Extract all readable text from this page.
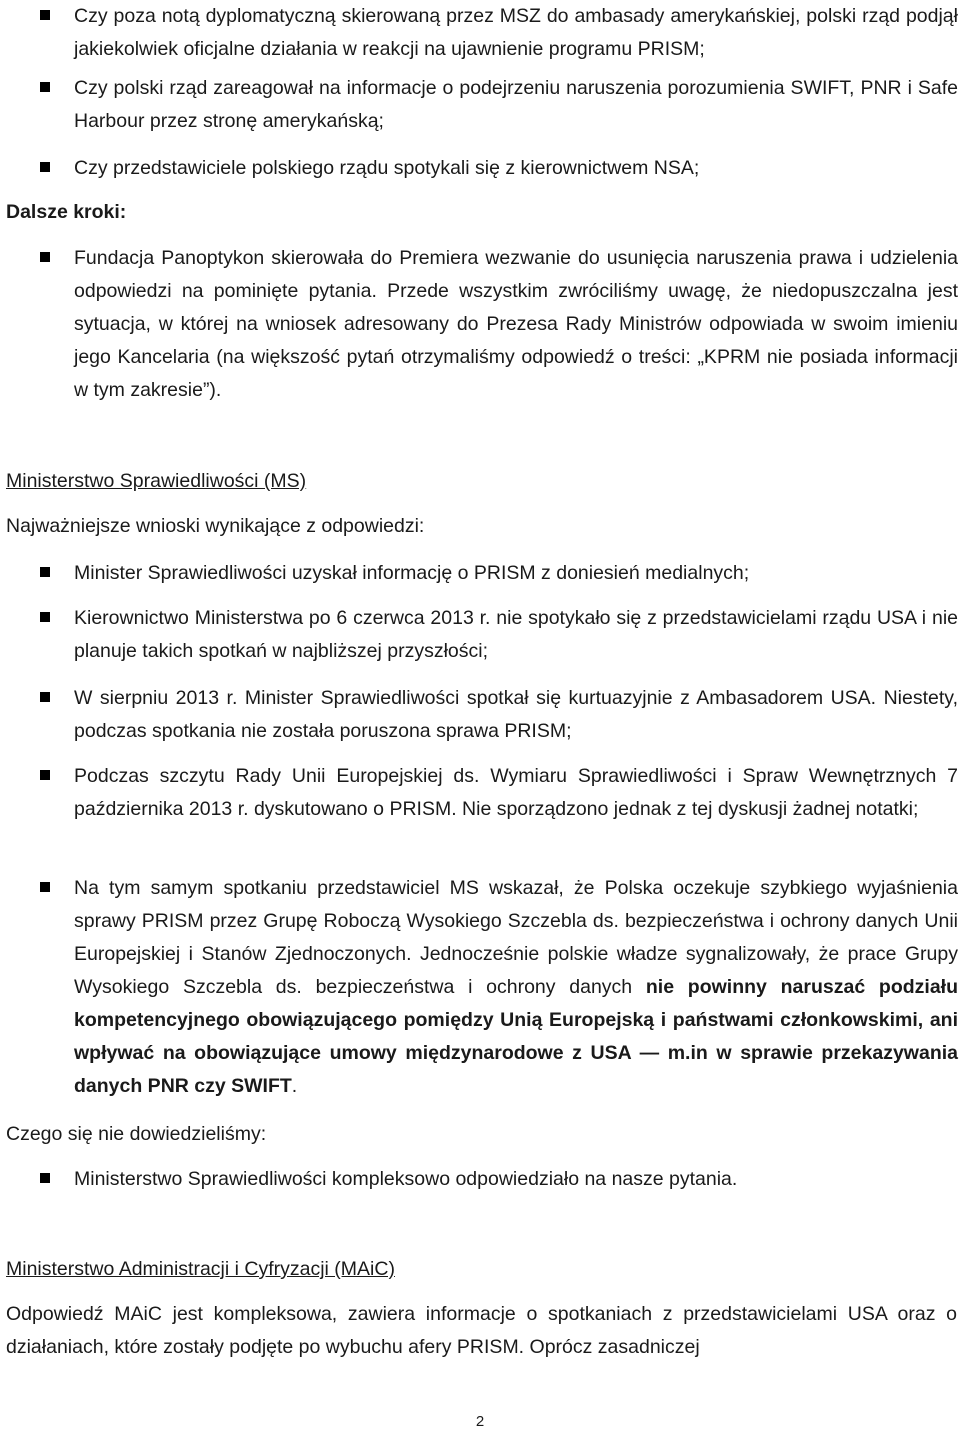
Czy poza notą dyplomatyczną skierowaną przez MSZ do ambasady amerykańskiej, polski rząd podjął jakiekolwiek oficjalne działania w reakcji na ujawnienie programu PRISM;

Czy polski rząd zareagował na informacje o podejrzeniu naruszenia porozumienia SWIFT, PNR i Safe Harbour przez stronę amerykańską;

Czy przedstawiciele polskiego rządu spotykali się z kierownictwem NSA;

Dalsze kroki:

Fundacja Panoptykon skierowała do Premiera wezwanie do usunięcia naruszenia prawa i udzielenia odpowiedzi na pominięte pytania. Przede wszystkim zwróciliśmy uwagę, że niedopuszczalna jest sytuacja, w której na wniosek adresowany do Prezesa Rady Ministrów odpowiada w swoim imieniu jego Kancelaria (na większość pytań otrzymaliśmy odpowiedź o treści: „KPRM nie posiada informacji w tym zakresie”).

Ministerstwo Sprawiedliwości (MS)

Najważniejsze wnioski wynikające z odpowiedzi:

Minister Sprawiedliwości uzyskał informację o PRISM z doniesień medialnych;

Kierownictwo Ministerstwa po 6 czerwca 2013 r. nie spotykało się z przedstawicielami rządu USA i nie planuje takich spotkań w najbliższej przyszłości;

W sierpniu 2013 r. Minister Sprawiedliwości spotkał się kurtuazyjnie z Ambasadorem USA. Niestety, podczas spotkania nie została poruszona sprawa PRISM;

Podczas szczytu Rady Unii Europejskiej ds. Wymiaru Sprawiedliwości i Spraw Wewnętrznych 7 października 2013 r. dyskutowano o PRISM. Nie sporządzono jednak z tej dyskusji żadnej notatki;

Na tym samym spotkaniu przedstawiciel MS wskazał, że Polska oczekuje szybkiego wyjaśnienia sprawy PRISM przez Grupę Roboczą Wysokiego Szczebla ds. bezpieczeństwa i ochrony danych Unii Europejskiej i Stanów Zjednoczonych. Jednocześnie polskie władze sygnalizowały, że prace Grupy Wysokiego Szczebla ds. bezpieczeństwa i ochrony danych nie powinny naruszać podziału kompetencyjnego obowiązującego pomiędzy Unią Europejską i państwami członkowskimi, ani wpływać na obowiązujące umowy międzynarodowe z USA — m.in w sprawie przekazywania danych PNR czy SWIFT.

Czego się nie dowiedzieliśmy:

Ministerstwo Sprawiedliwości kompleksowo odpowiedziało na nasze pytania.

Ministerstwo Administracji i Cyfryzacji (MAiC)

Odpowiedź MAiC jest kompleksowa, zawiera informacje o spotkaniach z przedstawicielami USA oraz o działaniach, które zostały podjęte po wybuchu afery PRISM. Oprócz zasadniczej

2
